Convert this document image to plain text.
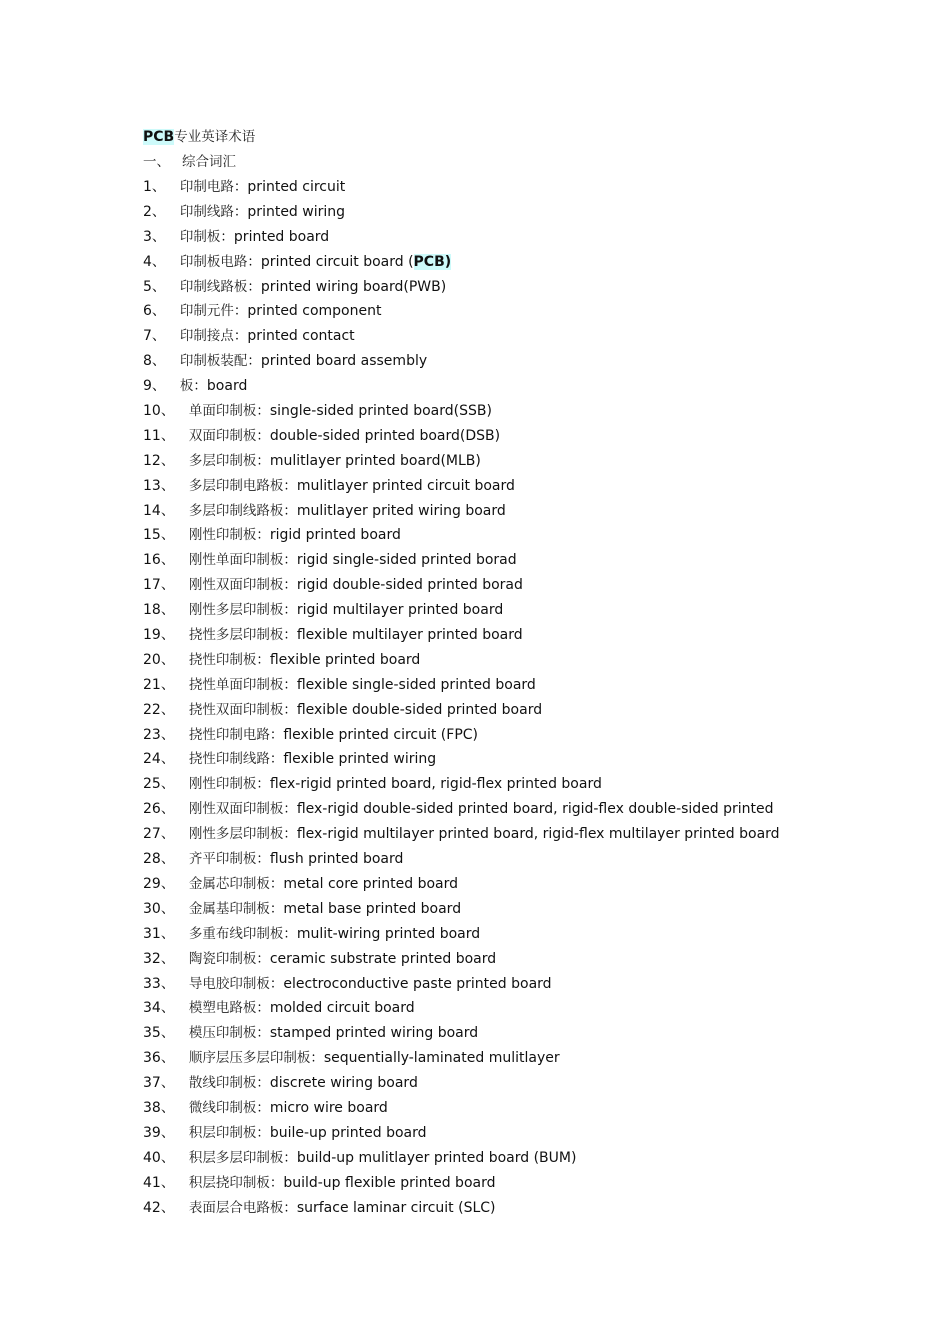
PCB专业英译术语
一、 综合词汇
1、 印制电路：printed circuit
2、 印制线路：printed wiring
3、 印制板：printed board
4、 印制板电路：printed circuit board (PCB)
5、 印制线路板：printed wiring board(PWB)
6、 印制元件：printed component
7、 印制接点：printed contact
8、 印制板装配：printed board assembly
9、 板：board
10、 单面印制板：single-sided printed board(SSB)
11、 双面印制板：double-sided printed board(DSB)
12、 多层印制板：mulitlayer printed board(MLB)
13、 多层印制电路板：mulitlayer printed circuit board
14、 多层印制线路板：mulitlayer prited wiring board
15、 刚性印制板：rigid printed board
16、 刚性单面印制板：rigid single-sided printed borad
17、 刚性双面印制板：rigid double-sided printed borad
18、 刚性多层印制板：rigid multilayer printed board
19、 挠性多层印制板：flexible multilayer printed board
20、 挠性印制板：flexible printed board
21、 挠性单面印制板：flexible single-sided printed board
22、 挠性双面印制板：flexible double-sided printed board
23、 挠性印制电路：flexible printed circuit (FPC)
24、 挠性印制线路：flexible printed wiring
25、 刚性印制板：flex-rigid printed board, rigid-flex printed board
26、 刚性双面印制板：flex-rigid double-sided printed board, rigid-flex double-sided printed
27、 刚性多层印制板：flex-rigid multilayer printed board, rigid-flex multilayer printed board
28、 齐平印制板：flush printed board
29、 金属芯印制板：metal core printed board
30、 金属基印制板：metal base printed board
31、 多重布线印制板：mulit-wiring printed board
32、 陶瓷印制板：ceramic substrate printed board
33、 导电胶印制板：electroconductive paste printed board
34、 模塑电路板：molded circuit board
35、 模压印制板：stamped printed wiring board
36、 顺序层压多层印制板：sequentially-laminated mulitlayer
37、 散线印制板：discrete wiring board
38、 微线印制板：micro wire board
39、 积层印制板：buile-up printed board
40、 积层多层印制板：build-up mulitlayer printed board (BUM)
41、 积层挠印制板：build-up flexible printed board
42、 表面层合电路板：surface laminar circuit (SLC)
